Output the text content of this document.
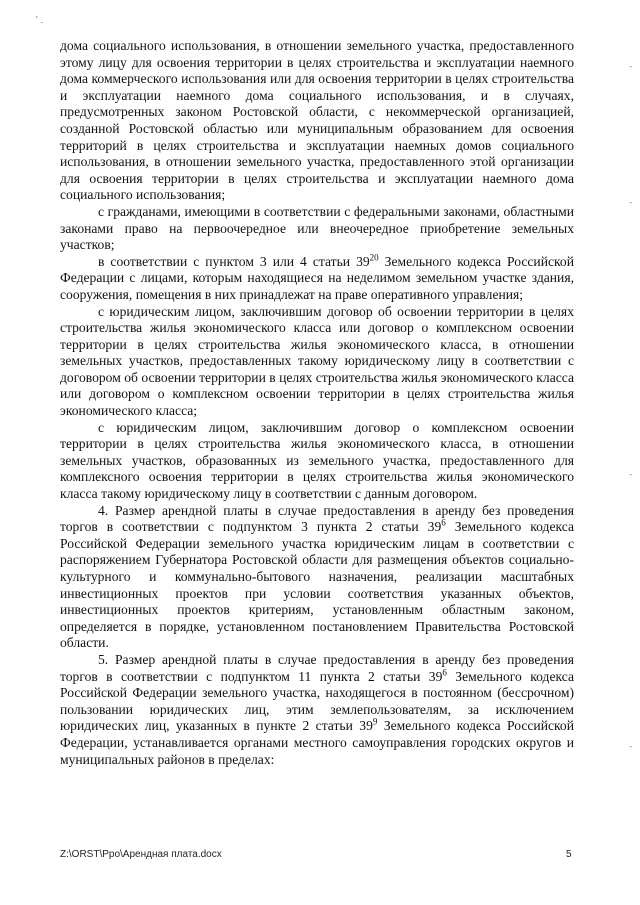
´ˎ
-
-
-
-

дома социального использования, в отношении земельного участка, предоставленного этому лицу для освоения территории в целях строительства и эксплуатации наемного дома коммерческого использования или для освоения территории в целях строительства и эксплуатации наемного дома социального использования, и в случаях, предусмотренных законом Ростовской области, с некоммерческой организацией, созданной Ростовской областью или муниципальным образованием для освоения территорий в целях строительства и эксплуатации наемных домов социального использования, в отношении земельного участка, предоставленного этой организации для освоения территории в целях строительства и эксплуатации наемного дома социального использования;

с гражданами, имеющими в соответствии с федеральными законами, областными законами право на первоочередное или внеочередное приобретение земельных участков;

в соответствии с пунктом 3 или 4 статьи $39^{20}$ Земельного кодекса Российской Федерации с лицами, которым находящиеся на неделимом земельном участке здания, сооружения, помещения в них принадлежат на праве оперативного управления;

с юридическим лицом, заключившим договор об освоении территории в целях строительства жилья экономического класса или договор о комплексном освоении территории в целях строительства жилья экономического класса, в отношении земельных участков, предоставленных такому юридическому лицу в соответствии с договором об освоении территории в целях строительства жилья экономического класса или договором о комплексном освоении территории в целях строительства жилья экономического класса;

с юридическим лицом, заключившим договор о комплексном освоении территории в целях строительства жилья экономического класса, в отношении земельных участков, образованных из земельного участка, предоставленного для комплексного освоения территории в целях строительства жилья экономического класса такому юридическому лицу в соответствии с данным договором.

4. Размер арендной платы в случае предоставления в аренду без проведения торгов в соответствии с подпунктом 3 пункта 2 статьи $39^6$ Земельного кодекса Российской Федерации земельного участка юридическим лицам в соответствии с распоряжением Губернатора Ростовской области для размещения объектов социально-культурного и коммунально-бытового назначения, реализации масштабных инвестиционных проектов при условии соответствия указанных объектов, инвестиционных проектов критериям, установленным областным законом, определяется в порядке, установленном постановлением Правительства Ростовской области.

5. Размер арендной платы в случае предоставления в аренду без проведения торгов в соответствии с подпунктом 11 пункта 2 статьи $39^6$ Земельного кодекса Российской Федерации земельного участка, находящегося в постоянном (бессрочном) пользовании юридических лиц, этим землепользователям, за исключением юридических лиц, указанных в пункте 2 статьи $39^9$ Земельного кодекса Российской Федерации, устанавливается органами местного самоуправления городских округов и муниципальных районов в пределах:

Z:\ORST\Ppo\Арендная плата.docx	5
